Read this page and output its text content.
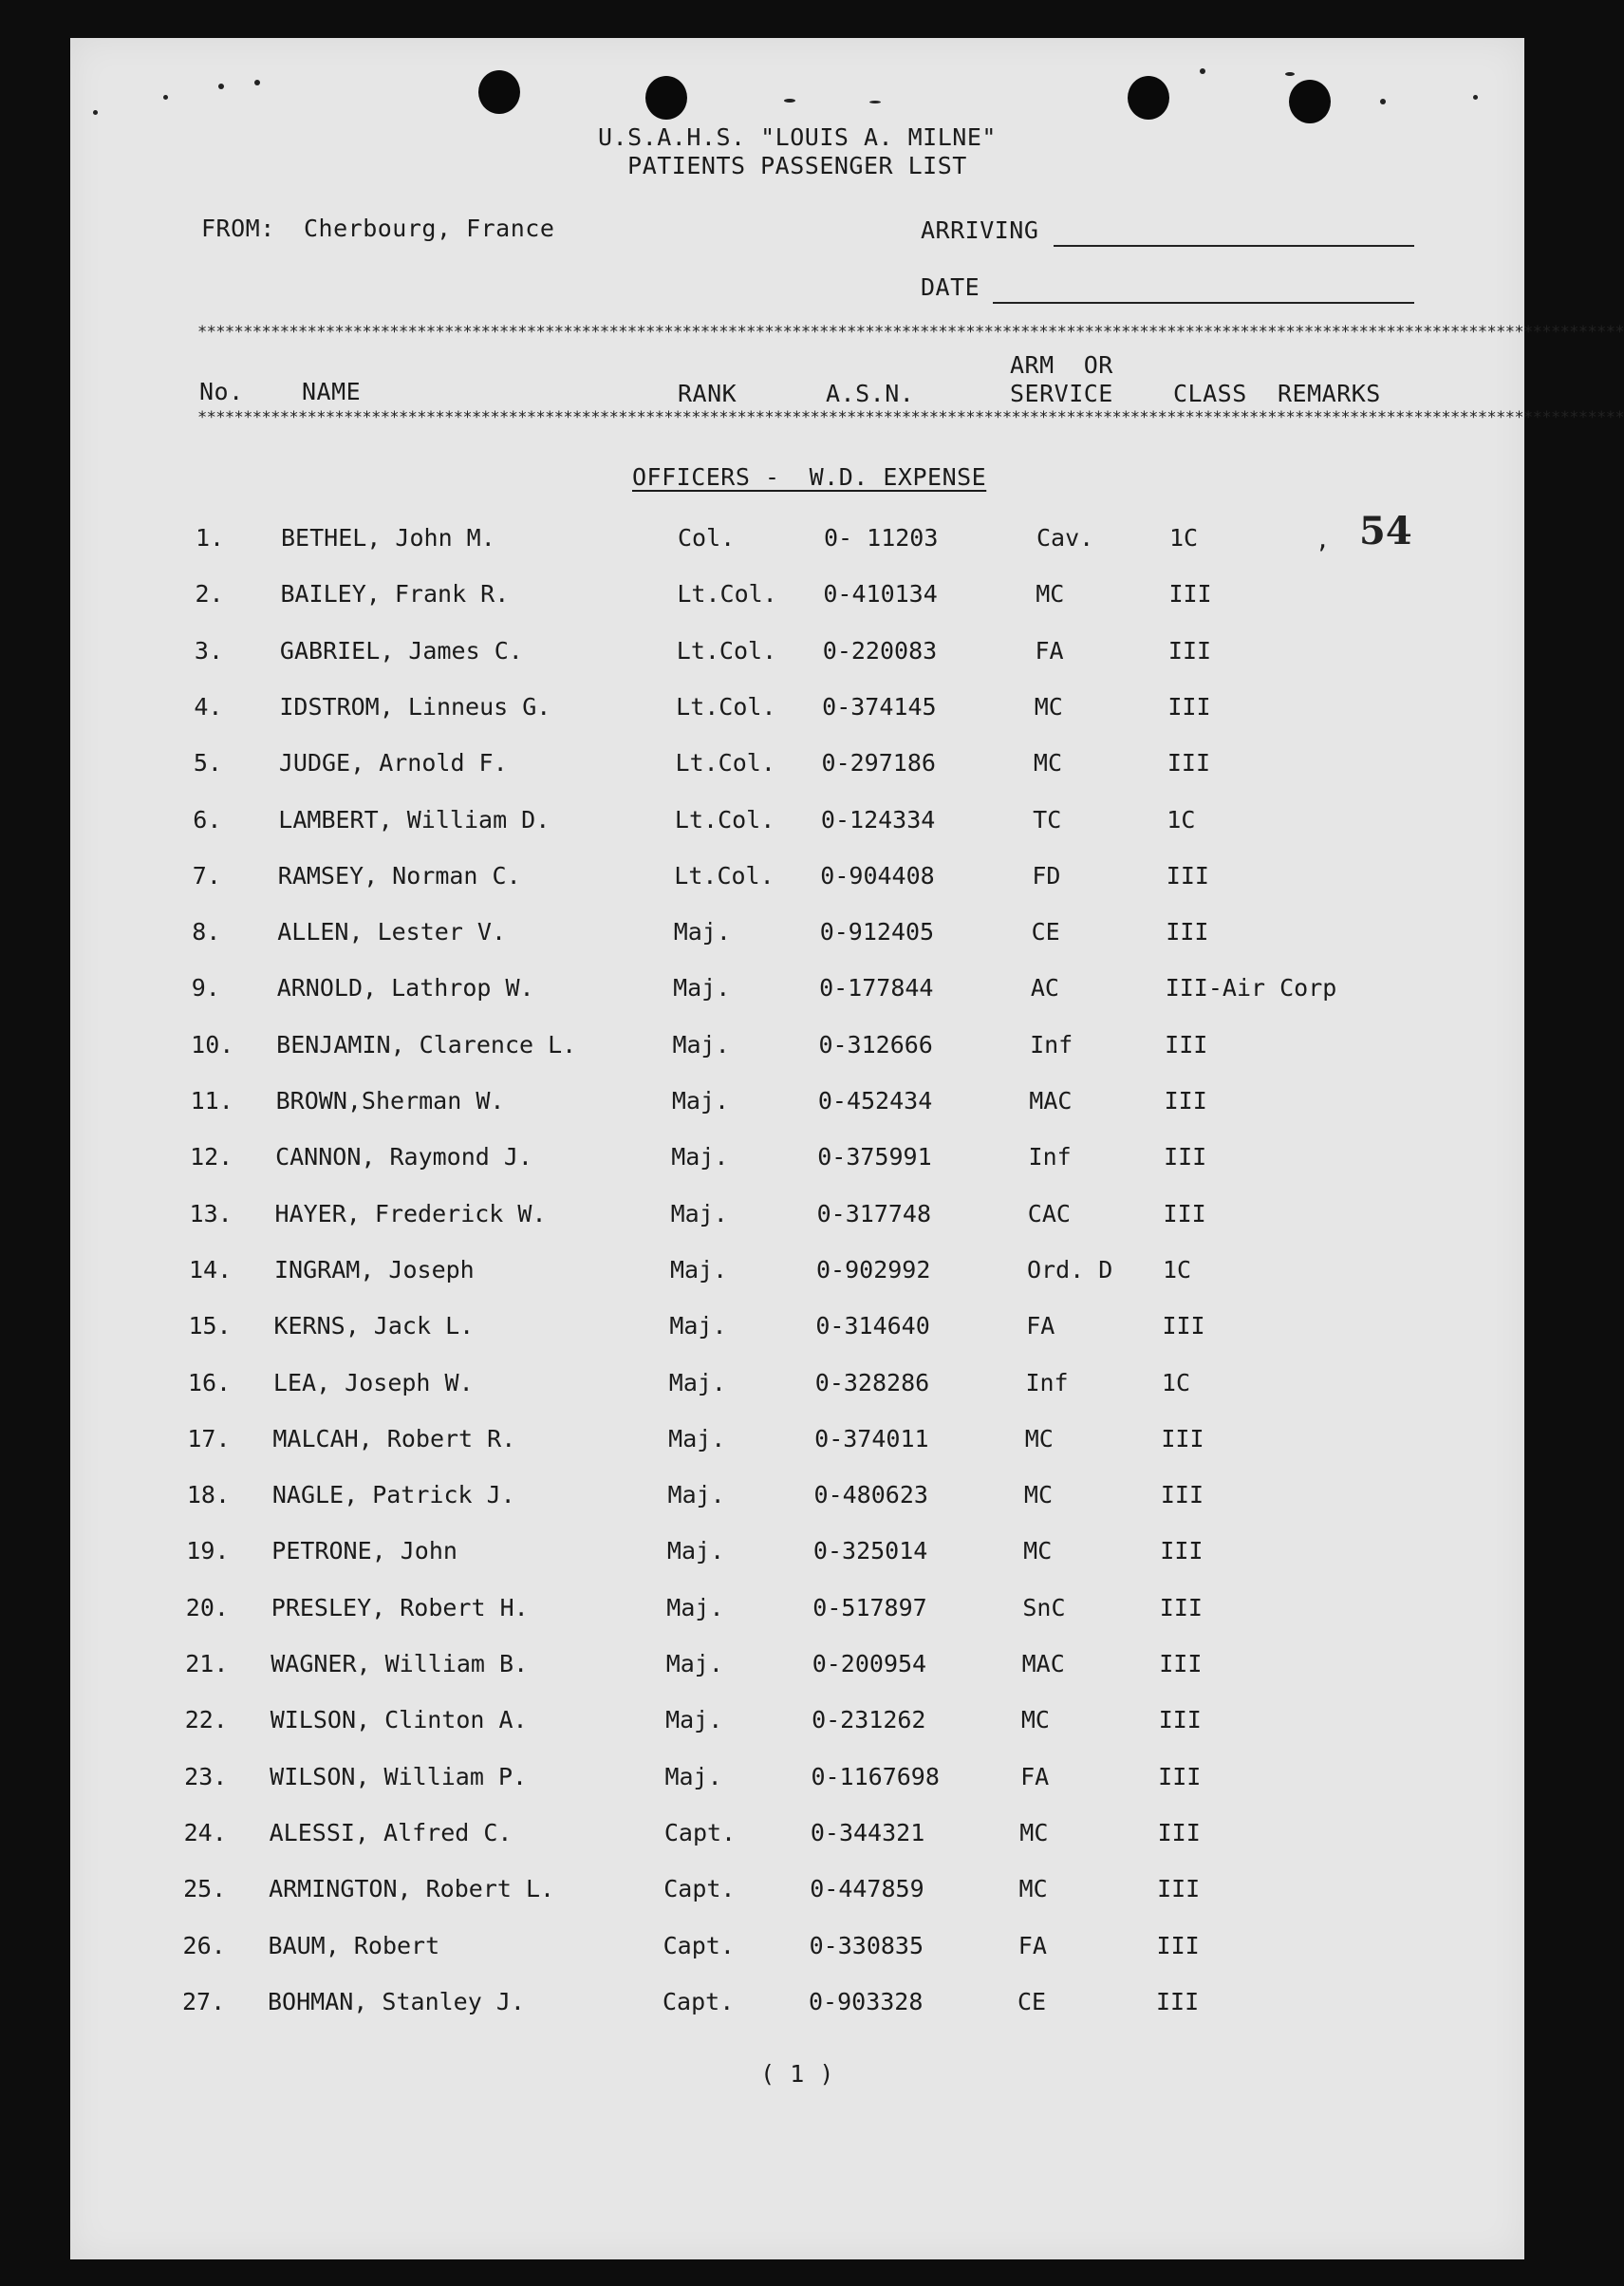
U.S.A.H.S. "LOUIS A. MILNE"
PATIENTS PASSENGER LIST
FROM: Cherbourg, France	ARRIVING
DATE
************************************************************************************************************************************************************
No. NAME	RANK	A.S.N.
ARM  OR
SERVICE	CLASS REMARKS
************************************************************************************************************************************************************
OFFICERS -  W.D. EXPENSE
, 54
1. BETHEL, John M.	Col.	0- 11203	Cav.	1C
2. BAILEY, Frank R.	Lt.Col. 0-410134	MC	III
3. GABRIEL, James C.	Lt.Col. 0-220083	FA	III
4. IDSTROM, Linneus G.	Lt.Col. 0-374145	MC	III
5. JUDGE, Arnold F.	Lt.Col. 0-297186	MC	III
6. LAMBERT, William D.	Lt.Col. 0-124334	TC	1C
7. RAMSEY, Norman C.	Lt.Col. 0-904408	FD	III
8. ALLEN, Lester V.	Maj.	0-912405	CE	III
9. ARNOLD, Lathrop W.	Maj.	0-177844	AC	III-Air Corp
10. BENJAMIN, Clarence L.	Maj.	0-312666	Inf	III
11. BROWN,Sherman W.	Maj.	0-452434	MAC	III
12. CANNON, Raymond J.	Maj.	0-375991	Inf	III
13. HAYER, Frederick W.	Maj.	0-317748	CAC	III
14. INGRAM, Joseph	Maj.	0-902992	Ord. D 1C
15. KERNS, Jack L.	Maj.	0-314640	FA	III
16. LEA, Joseph W.	Maj.	0-328286	Inf	1C
17. MALCAH, Robert R.	Maj.	0-374011	MC	III
18. NAGLE, Patrick J.	Maj.	0-480623	MC	III
19. PETRONE, John	Maj.	0-325014	MC	III
20. PRESLEY, Robert H.	Maj.	0-517897	SnC	III
21. WAGNER, William B.	Maj.	0-200954	MAC	III
22. WILSON, Clinton A.	Maj.	0-231262	MC	III
23. WILSON, William P.	Maj.	0-1167698	FA	III
24. ALESSI, Alfred C.	Capt.	0-344321	MC	III
25. ARMINGTON, Robert L.	Capt.	0-447859	MC	III
26. BAUM, Robert	Capt.	0-330835	FA	III
27. BOHMAN, Stanley J.	Capt.	0-903328	CE	III
( 1 )
